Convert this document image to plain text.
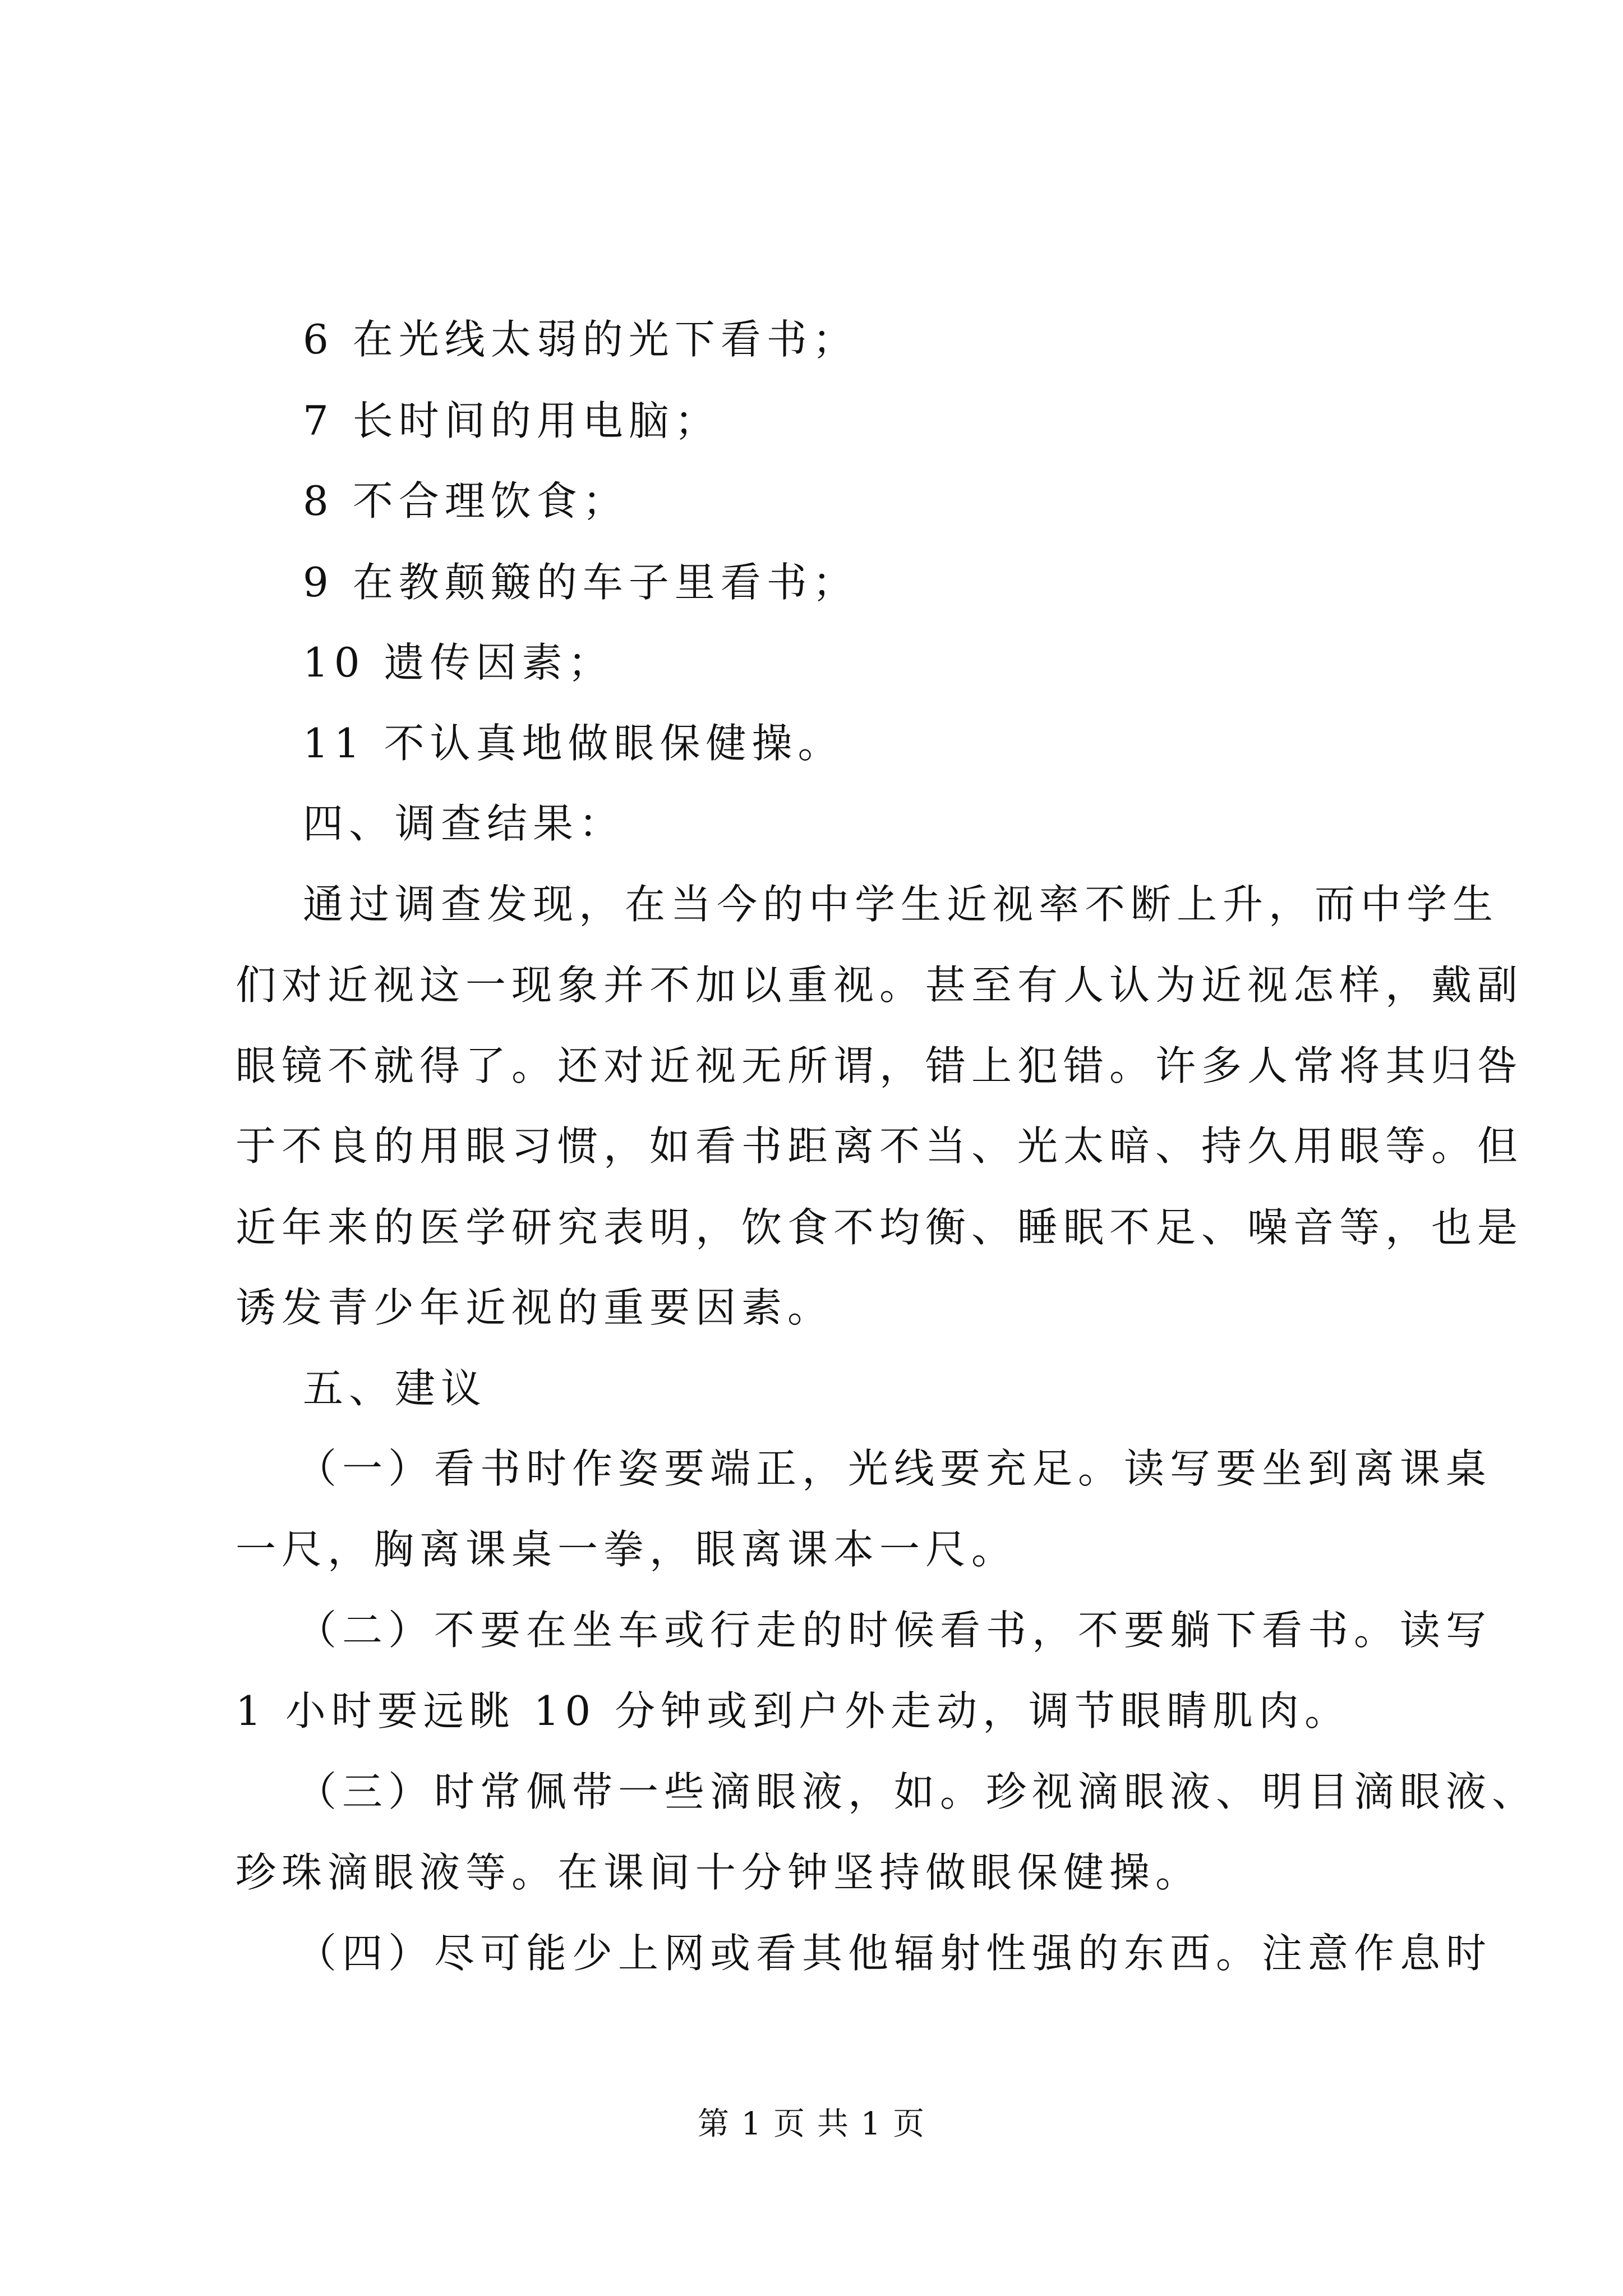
6 在光线太弱的光下看书；
7 长时间的用电脑；
8 不合理饮食；
9 在教颠簸的车子里看书；
10 遗传因素；
11 不认真地做眼保健操。
四、调查结果：
通过调查发现，在当今的中学生近视率不断上升，而中学生
们对近视这一现象并不加以重视。甚至有人认为近视怎样，戴副
眼镜不就得了。还对近视无所谓，错上犯错。许多人常将其归咎
于不良的用眼习惯，如看书距离不当、光太暗、持久用眼等。但
近年来的医学研究表明，饮食不均衡、睡眠不足、噪音等，也是
诱发青少年近视的重要因素。
五、建议
（一）看书时作姿要端正，光线要充足。读写要坐到离课桌
一尺，胸离课桌一拳，眼离课本一尺。
（二）不要在坐车或行走的时候看书，不要躺下看书。读写
1 小时要远眺 10 分钟或到户外走动，调节眼睛肌肉。
（三）时常佩带一些滴眼液，如。珍视滴眼液、明目滴眼液、
珍珠滴眼液等。在课间十分钟坚持做眼保健操。
（四）尽可能少上网或看其他辐射性强的东西。注意作息时
第 1 页 共 1 页
